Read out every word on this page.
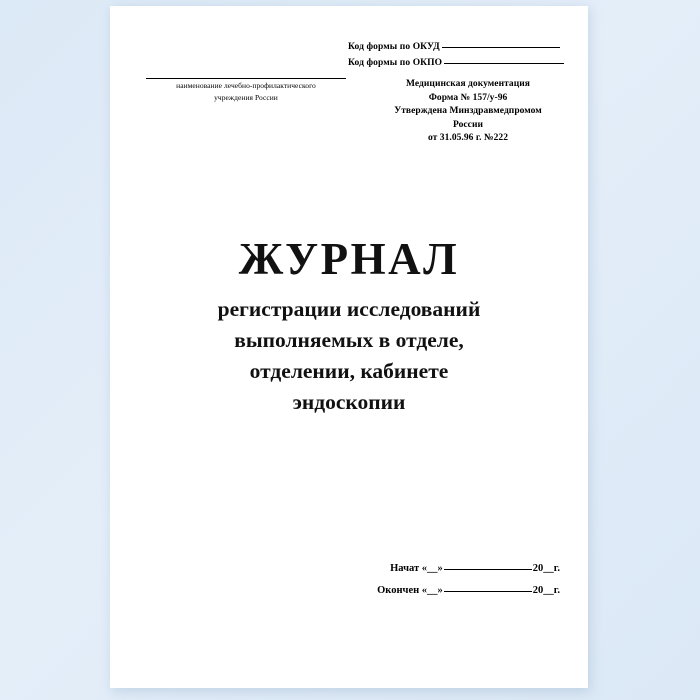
Код формы по ОКУД
Код формы по ОКПО
наименование лечебно-профилактического
учреждения России
Медицинская документация
Форма № 157/у-96
Утверждена Минздравмедпромом
России
от 31.05.96 г. №222
ЖУРНАЛ
регистрации исследований
выполняемых в отделе,
отделении, кабинете
эндоскопии
Начат «__»	20__г.
Окончен «__»	20__г.
